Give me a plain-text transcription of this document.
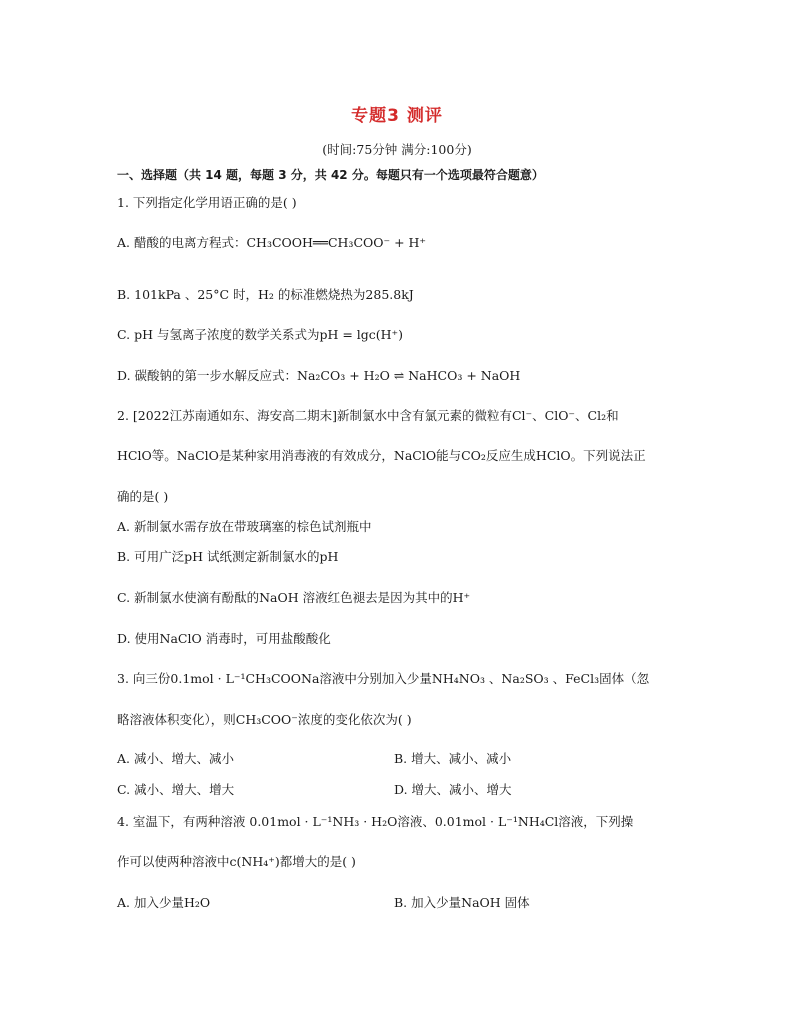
专题3 测评
(时间:75分钟 满分:100分)
一、选择题（共 14 题，每题 3 分，共 42 分。每题只有一个选项最符合题意）
1. 下列指定化学用语正确的是( )
A. 醋酸的电离方程式：CH₃COOH══CH₃COO⁻ + H⁺
B. 101kPa 、25°C 时，H₂ 的标准燃烧热为285.8kJ
C. pH 与氢离子浓度的数学关系式为pH = lgc(H⁺)
D. 碳酸钠的第一步水解反应式：Na₂CO₃ + H₂O ⇌ NaHCO₃ + NaOH
2. [2022江苏南通如东、海安高二期末]新制氯水中含有氯元素的微粒有Cl⁻、ClO⁻、Cl₂和
HClO等。NaClO是某种家用消毒液的有效成分，NaClO能与CO₂反应生成HClO。下列说法正
确的是( )
A. 新制氯水需存放在带玻璃塞的棕色试剂瓶中
B. 可用广泛pH 试纸测定新制氯水的pH
C. 新制氯水使滴有酚酞的NaOH 溶液红色褪去是因为其中的H⁺
D. 使用NaClO 消毒时，可用盐酸酸化
3. 向三份0.1mol · L⁻¹CH₃COONa溶液中分别加入少量NH₄NO₃ 、Na₂SO₃ 、FeCl₃固体（忽
略溶液体积变化），则CH₃COO⁻浓度的变化依次为( )
A. 减小、增大、减小	B. 增大、减小、减小
C. 减小、增大、增大	D. 增大、减小、增大
4. 室温下，有两种溶液 0.01mol · L⁻¹NH₃ · H₂O溶液、0.01mol · L⁻¹NH₄Cl溶液，下列操
作可以使两种溶液中c(NH₄⁺)都增大的是( )
A. 加入少量H₂O	B. 加入少量NaOH 固体
